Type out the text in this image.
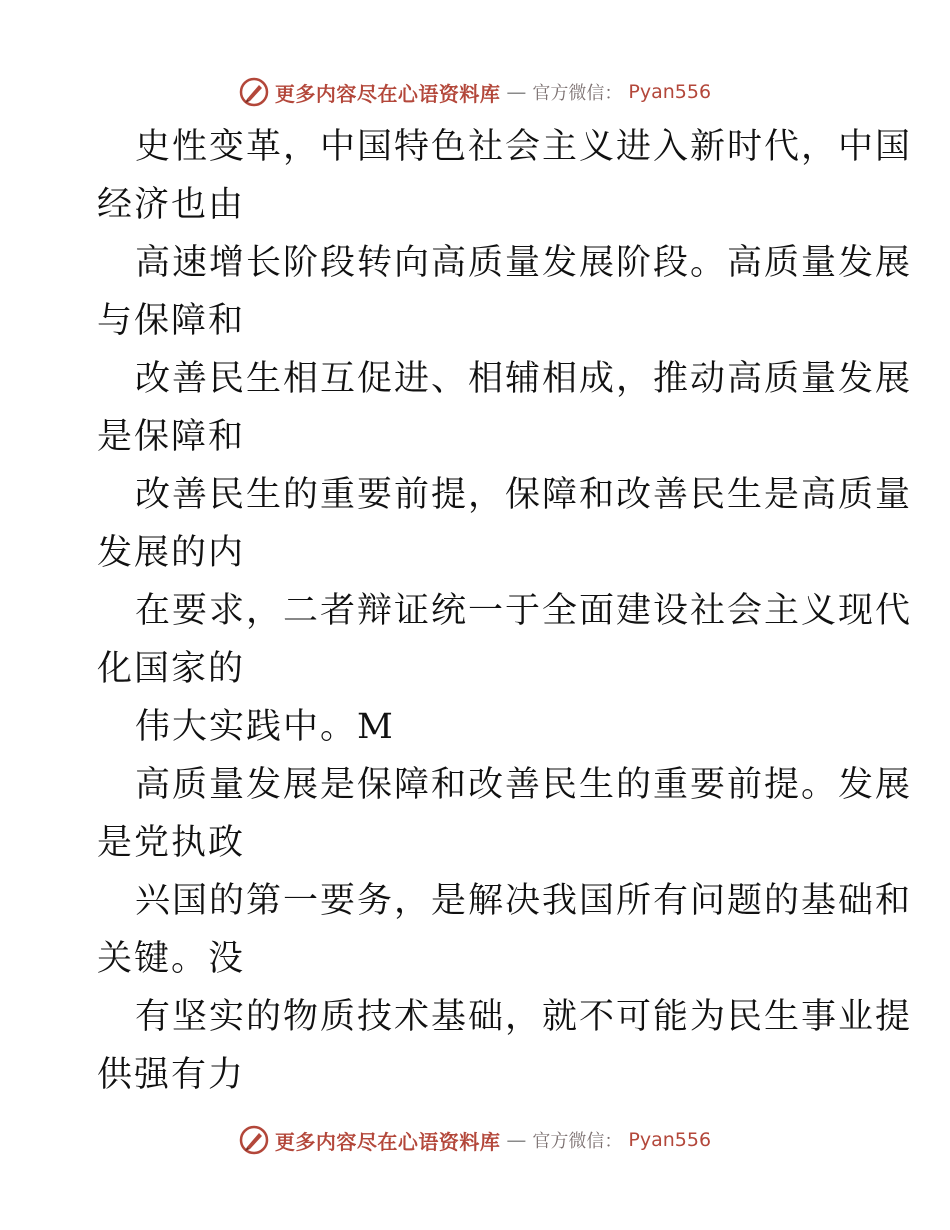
更多内容尽在心语资料库 — 官方微信： Pyan556
史性变革，中国特色社会主义进入新时代，中国
经济也由
高速增长阶段转向高质量发展阶段。高质量发展
与保障和
改善民生相互促进、相辅相成，推动高质量发展
是保障和
改善民生的重要前提，保障和改善民生是高质量
发展的内
在要求，二者辩证统一于全面建设社会主义现代
化国家的
伟大实践中。M
高质量发展是保障和改善民生的重要前提。发展
是党执政
兴国的第一要务，是解决我国所有问题的基础和
关键。没
有坚实的物质技术基础，就不可能为民生事业提
供强有力
更多内容尽在心语资料库 — 官方微信： Pyan556
